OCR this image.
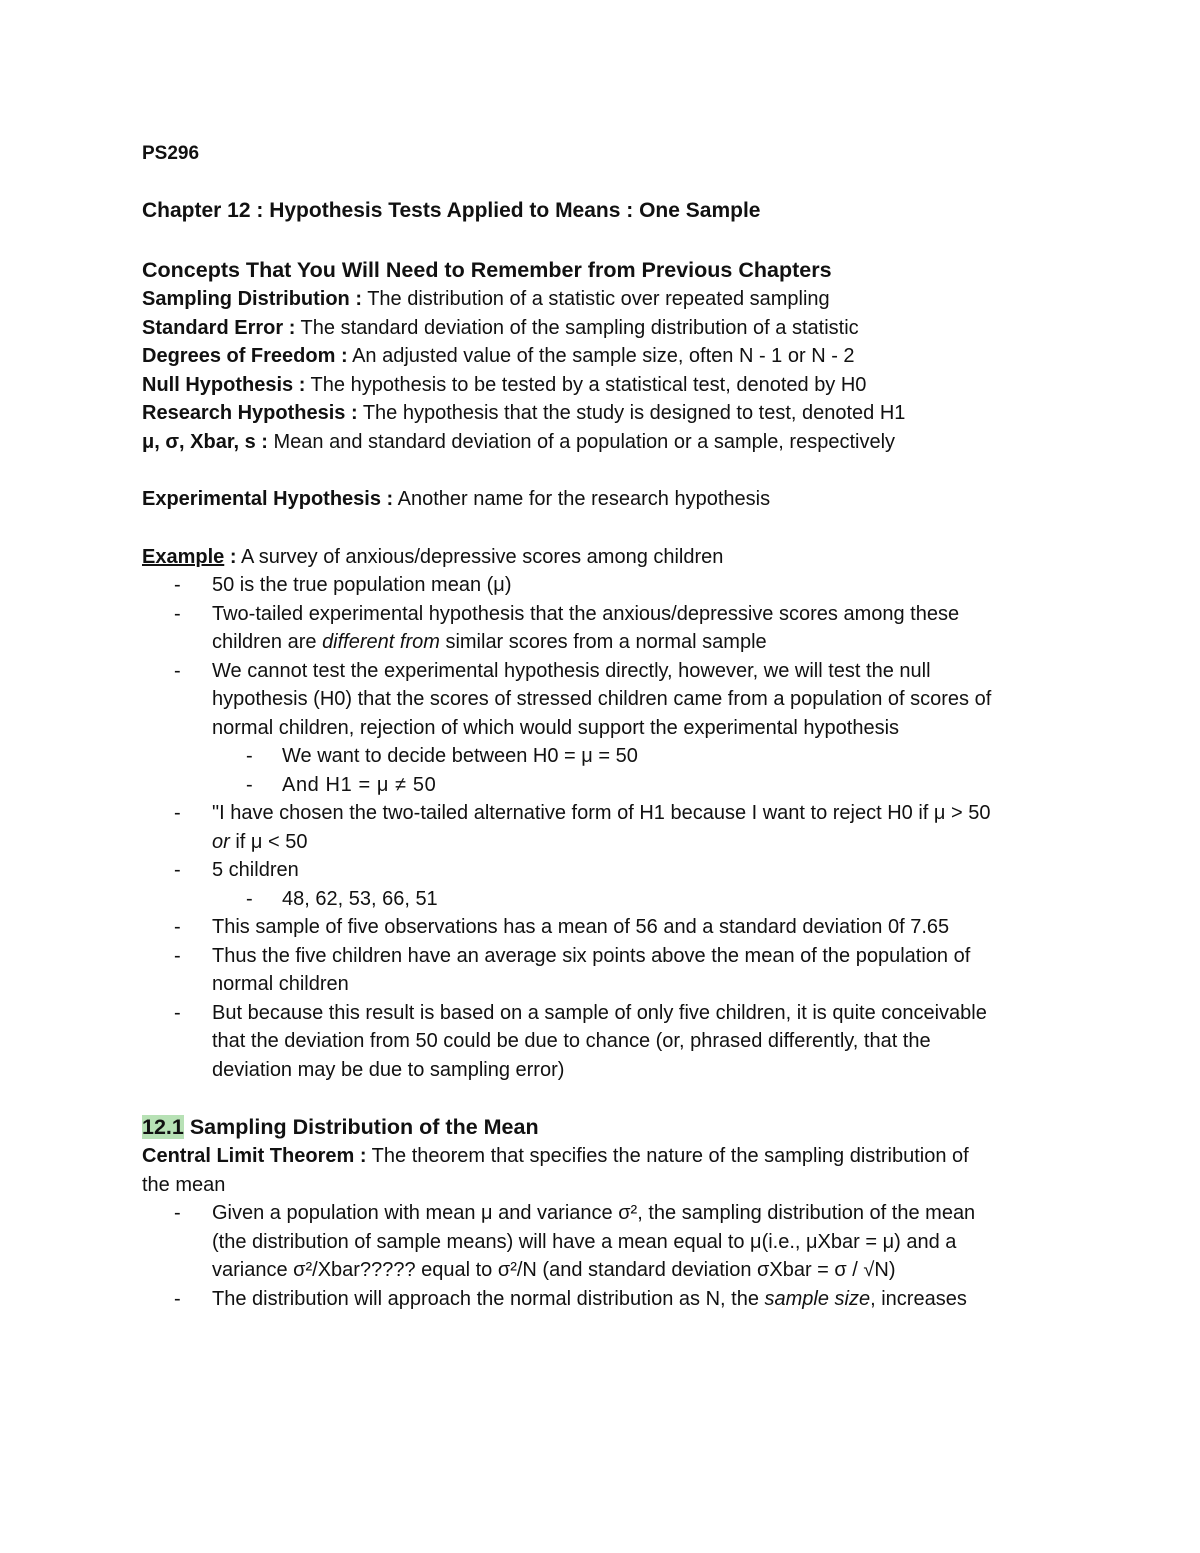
PS296
Chapter 12 : Hypothesis Tests Applied to Means : One Sample
Concepts That You Will Need to Remember from Previous Chapters
Sampling Distribution : The distribution of a statistic over repeated sampling
Standard Error : The standard deviation of the sampling distribution of a statistic
Degrees of Freedom : An adjusted value of the sample size, often N - 1 or N - 2
Null Hypothesis : The hypothesis to be tested by a statistical test, denoted by H0
Research Hypothesis : The hypothesis that the study is designed to test, denoted H1
μ, σ, Xbar, s : Mean and standard deviation of a population or a sample, respectively
Experimental Hypothesis : Another name for the research hypothesis
Example : A survey of anxious/depressive scores among children
- 50 is the true population mean (μ)
- Two-tailed experimental hypothesis that the anxious/depressive scores among these
children are different from similar scores from a normal sample
- We cannot test the experimental hypothesis directly, however, we will test the null
hypothesis (H0) that the scores of stressed children came from a population of scores of
normal children, rejection of which would support the experimental hypothesis
- We want to decide between H0 = μ = 50
- And H1 = μ ≠ 50
- "I have chosen the two-tailed alternative form of H1 because I want to reject H0 if μ > 50
or if μ < 50
- 5 children
- 48, 62, 53, 66, 51
- This sample of five observations has a mean of 56 and a standard deviation 0f 7.65
- Thus the five children have an average six points above the mean of the population of
normal children
- But because this result is based on a sample of only five children, it is quite conceivable
that the deviation from 50 could be due to chance (or, phrased differently, that the
deviation may be due to sampling error)
12.1 Sampling Distribution of the Mean
Central Limit Theorem : The theorem that specifies the nature of the sampling distribution of
the mean
- Given a population with mean μ and variance σ², the sampling distribution of the mean
(the distribution of sample means) will have a mean equal to μ(i.e., μXbar = μ) and a
variance σ²/Xbar????? equal to σ²/N (and standard deviation σXbar = σ / √N)
- The distribution will approach the normal distribution as N, the sample size, increases
